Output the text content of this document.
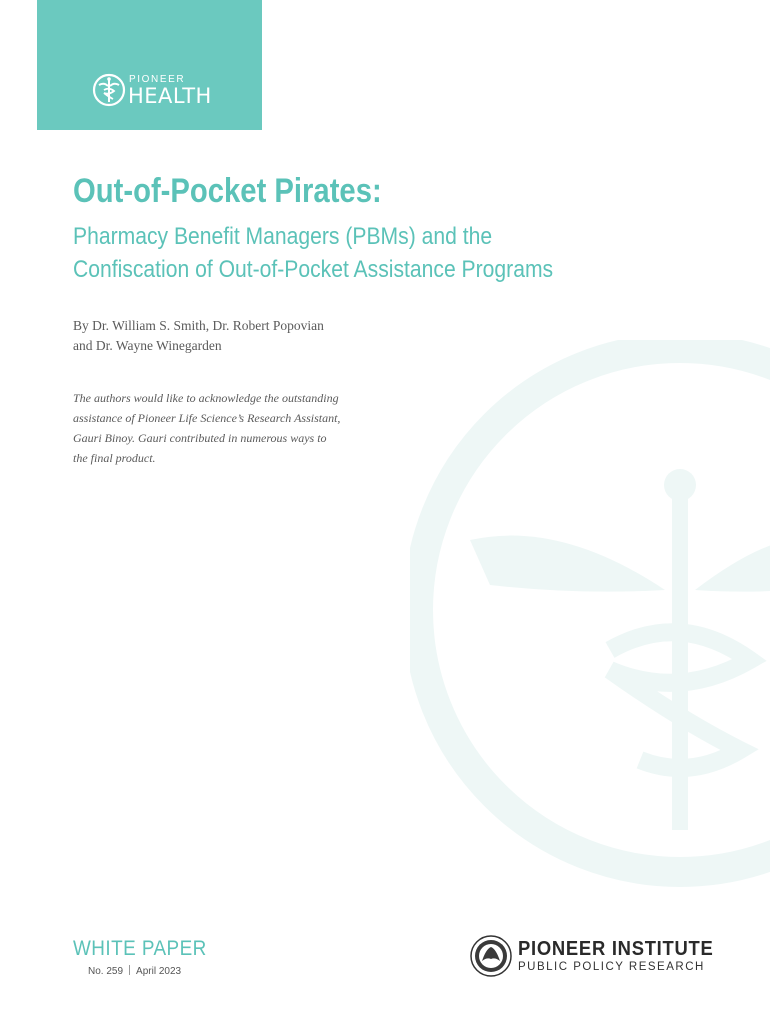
PIONEER
HEALTH
Out-of-Pocket Pirates:
Pharmacy Benefit Managers (PBMs) and the
Confiscation of Out-of-Pocket Assistance Programs
By Dr. William S. Smith, Dr. Robert Popovian
and Dr. Wayne Winegarden
The authors would like to acknowledge the outstanding
assistance of Pioneer Life Science’s Research Assistant,
Gauri Binoy. Gauri contributed in numerous ways to
the final product.
WHITE PAPER
No. 259 April 2023
PIONEER INSTITUTE
PUBLIC POLICY RESEARCH
